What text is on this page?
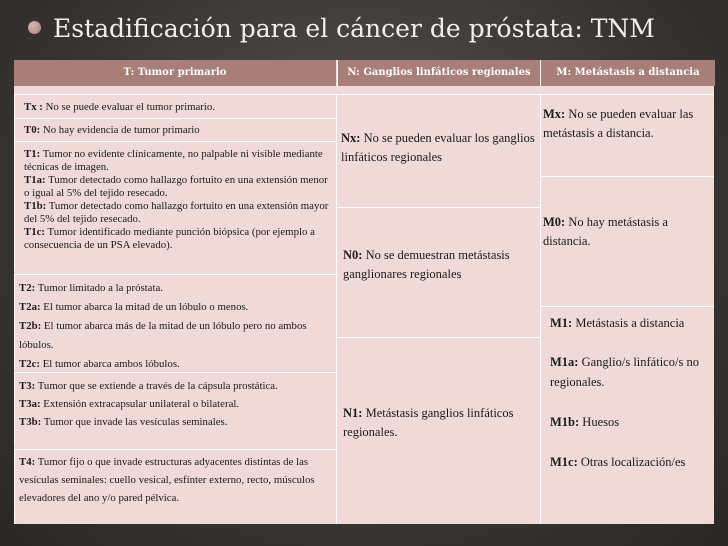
Estadificación para el cáncer de próstata: TNM
T: Tumor primario	N: Ganglios linfáticos regionales	M: Metástasis a distancia
Tx : No se puede evaluar el tumor primario.
T0: No hay evidencia de tumor primario

T1: Tumor no evidente clínicamente, no palpable ni visible mediante técnicas de imagen.

T1a: Tumor detectado como hallazgo fortuito en una extensión menor o igual al 5% del tejido resecado.

T1b: Tumor detectado como hallazgo fortuito en una extensión mayor del 5% del tejido resecado.

T1c: Tumor identificado mediante punción biópsica (por ejemplo a consecuencia de un PSA elevado).

T2: Tumor limitado a la próstata.

T2a: El tumor abarca la mitad de un lóbulo o menos.

T2b: El tumor abarca más de la mitad de un lóbulo pero no ambos lóbulos.

T2c: El tumor abarca ambos lóbulos.

T3: Tumor que se extiende a través de la cápsula prostática.

T3a: Extensión extracapsular unilateral o bilateral.

T3b: Tumor que invade las vesículas seminales.

T4: Tumor fijo o que invade estructuras adyacentes distintas de las vesículas seminales: cuello vesical, esfínter externo, recto, músculos elevadores del ano y/o pared pélvica.
Nx: No se pueden evaluar los ganglios linfáticos regionales
N0: No se demuestran metástasis ganglionares regionales
N1: Metástasis ganglios linfáticos regionales.
Mx: No se pueden evaluar las metástasis a distancia.
M0: No hay metástasis a distancia.

M1: Metástasis a distancia

M1a: Ganglio/s linfático/s no regionales.

M1b: Huesos

M1c: Otras localización/es
